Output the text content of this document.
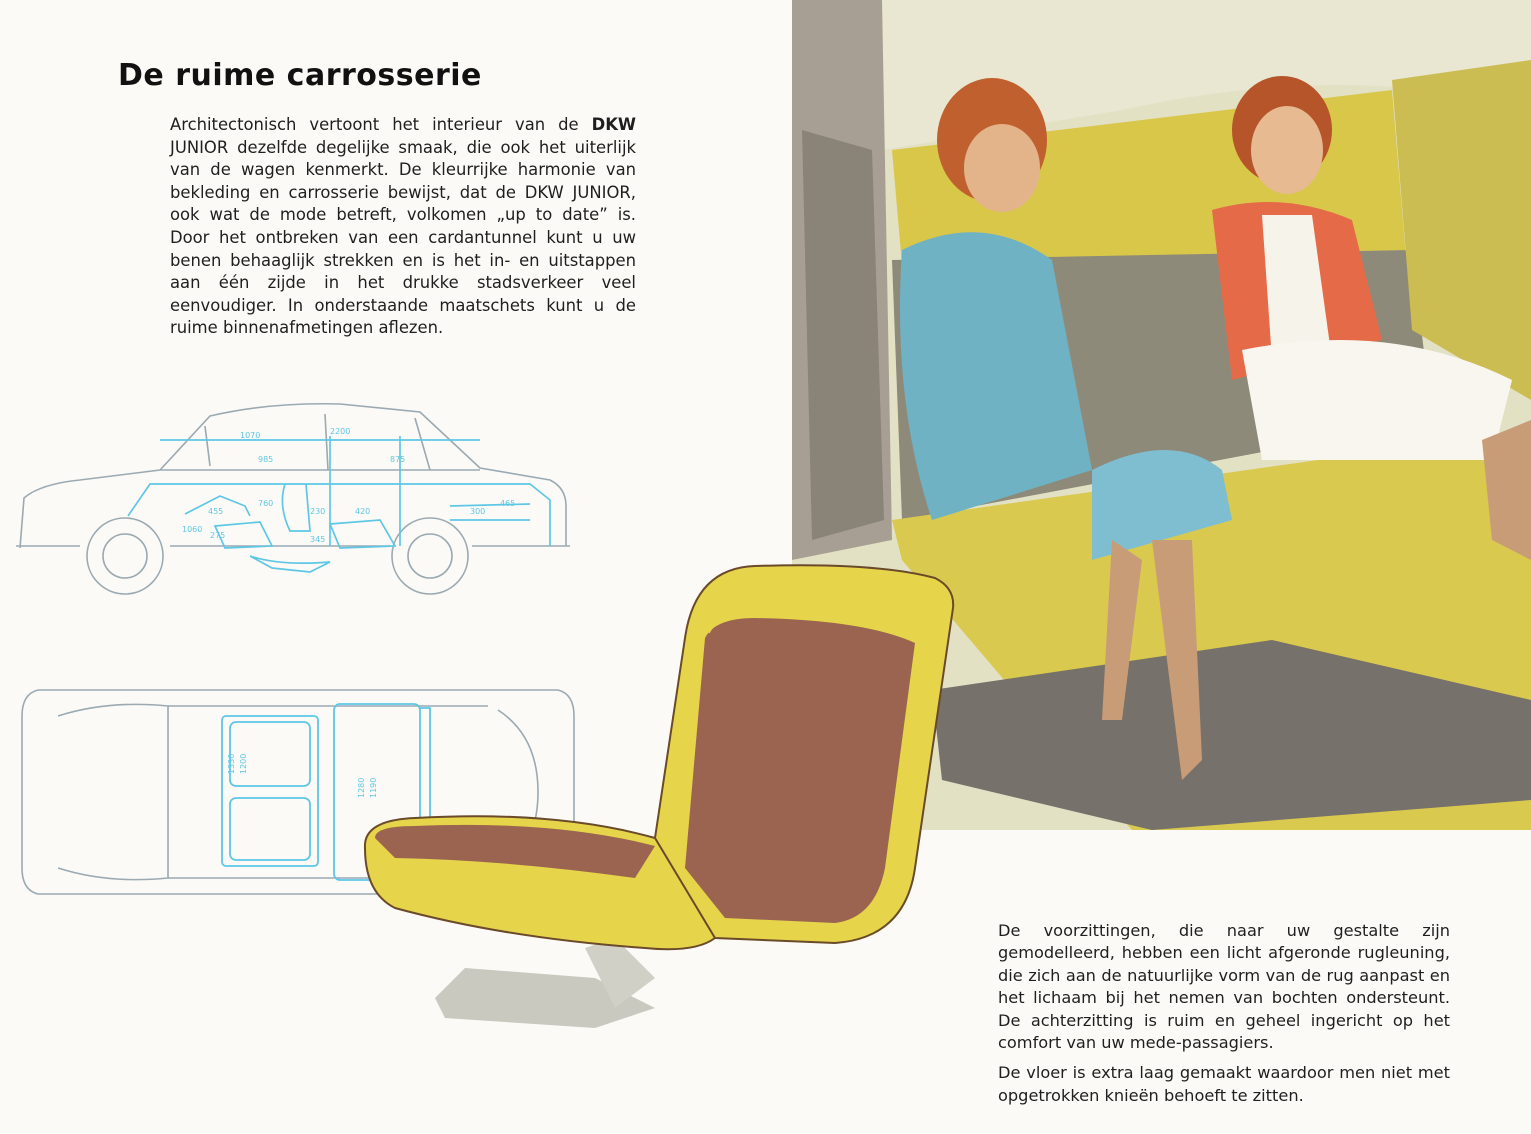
De ruime carrosserie

Architectonisch vertoont het interieur van de DKW JUNIOR dezelfde degelijke smaak, die ook het uiterlijk van de wagen kenmerkt. De kleurrijke harmonie van bekleding en carrosserie bewijst, dat de DKW JUNIOR, ook wat de mode betreft, volkomen „up to date” is. Door het ontbreken van een cardantunnel kunt u uw benen behaaglijk strekken en is het in- en uitstappen aan één zijde in het drukke stadsverkeer veel eenvoudiger. In onderstaande maatschets kunt u de ruime binnenafmetingen aflezen.

1070	2200
985	875
760
230	420	300
465
455
1060
275	345
1330 1200
1280 1190

De voorzittingen, die naar uw gestalte zijn gemodelleerd, hebben een licht afgeronde rugleuning, die zich aan de natuurlijke vorm van de rug aanpast en het lichaam bij het nemen van bochten ondersteunt. De achterzitting is ruim en geheel ingericht op het comfort van uw mede-passagiers.

De vloer is extra laag gemaakt waardoor men niet met opgetrokken knieën behoeft te zitten.
